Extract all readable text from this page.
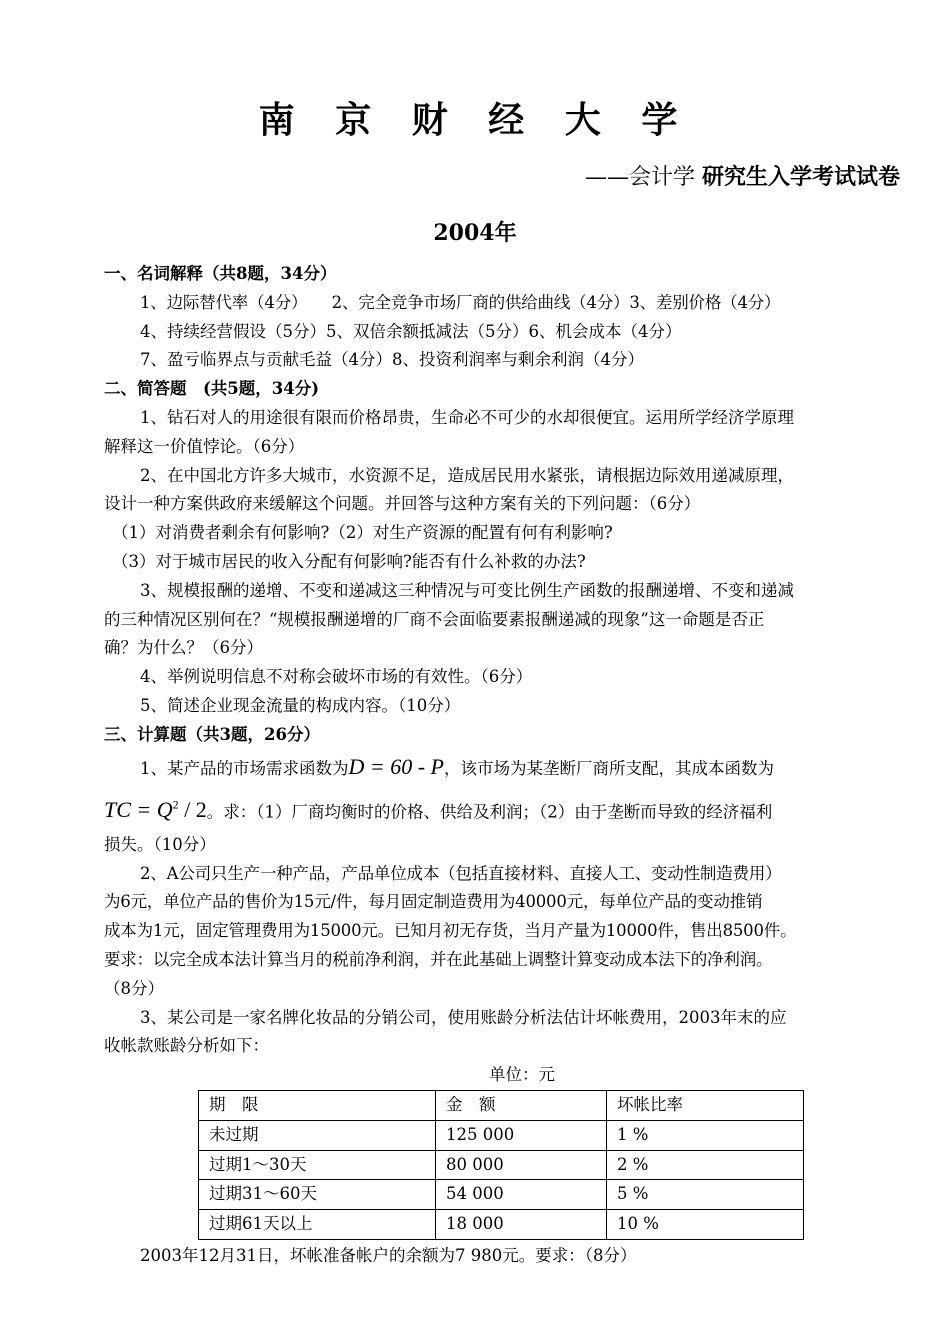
南 京 财 经 大 学
——会计学 研究生入学考试试卷
2004年
一、名词解释（共8题，34分）
1、边际替代率（4分）　　2、完全竞争市场厂商的供给曲线（4分）3、差别价格（4分）
4、持续经营假设（5分）5、双倍余额抵减法（5分）6、机会成本（4分）
7、盈亏临界点与贡献毛益（4分）8、投资利润率与剩余利润（4分）
二、简答题　(共5题，34分)
1、钻石对人的用途很有限而价格昂贵，生命必不可少的水却很便宜。运用所学经济学原理
解释这一价值悖论。（6分）
2、在中国北方许多大城市，水资源不足，造成居民用水紧张，请根据边际效用递减原理，
设计一种方案供政府来缓解这个问题。并回答与这种方案有关的下列问题：（6分）
（1）对消费者剩余有何影响?（2）对生产资源的配置有何有利影响?
（3）对于城市居民的收入分配有何影响?能否有什么补救的办法?
3、规模报酬的递增、不变和递减这三种情况与可变比例生产函数的报酬递增、不变和递减
的三种情况区别何在？“规模报酬递增的厂商不会面临要素报酬递减的现象”这一命题是否正
确？为什么？（6分）
4、举例说明信息不对称会破坏市场的有效性。（6分）
5、简述企业现金流量的构成内容。（10分）
三、计算题（共3题，26分）
1、某产品的市场需求函数为D = 60 - P，该市场为某垄断厂商所支配，其成本函数为
TC = $Q^2 / 2$。求：（1）厂商均衡时的价格、供给及利润；（2）由于垄断而导致的经济福利
损失。（10分）
2、A公司只生产一种产品，产品单位成本（包括直接材料、直接人工、变动性制造费用）
为6元，单位产品的售价为15元/件，每月固定制造费用为40000元，每单位产品的变动推销
成本为1元，固定管理费用为15000元。已知月初无存货，当月产量为10000件，售出8500件。
要求：以完全成本法计算当月的税前净利润，并在此基础上调整计算变动成本法下的净利润。
（8分）
3、某公司是一家名牌化妆品的分销公司，使用账龄分析法估计坏帐费用，2003年末的应
收帐款账龄分析如下：
单位：元
期　限	金　额	坏帐比率
未过期	125 000	1 %
过期1～30天	80 000	2 %
过期31～60天	54 000	5 %
过期61天以上	18 000	10 %
2003年12月31日，坏帐准备帐户的余额为7 980元。要求：（8分）
